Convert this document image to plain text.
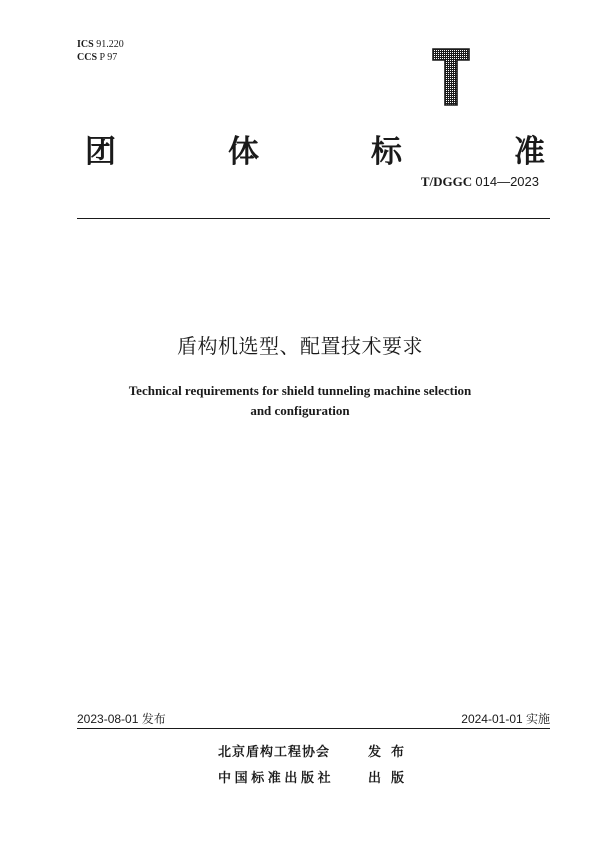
ICS 91.220
CCS P 97
团	体	标	准
T/DGGC 014—2023
盾构机选型、配置技术要求
Technical requirements for shield tunneling machine selection
and configuration
2023-08-01 发布	2024-01-01 实施
北京盾构工程协会	发布
中国标准出版社	出版
